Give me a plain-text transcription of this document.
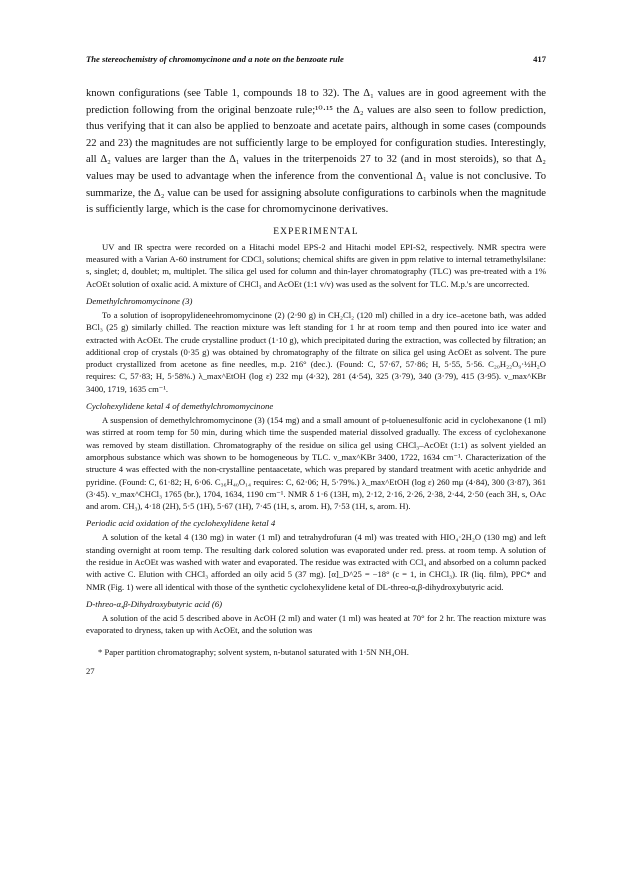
The stereochemistry of chromomycinone and a note on the benzoate rule	417

known configurations (see Table 1, compounds 18 to 32). The Δ₁ values are in good agreement with the prediction following from the original benzoate rule;¹⁰·¹⁵ the Δ₂ values are also seen to follow prediction, thus verifying that it can also be applied to benzoate and acetate pairs, although in some cases (compounds 22 and 23) the magnitudes are not sufficiently large to be employed for configuration studies. Interestingly, all Δ₂ values are larger than the Δ₁ values in the triterpenoids 27 to 32 (and in most steroids), so that Δ₂ values may be used to advantage when the inference from the conventional Δ₁ value is not conclusive. To summarize, the Δ₂ value can be used for assigning absolute configurations to carbinols when the magnitude is sufficiently large, which is the case for chromomycinone derivatives.

EXPERIMENTAL

UV and IR spectra were recorded on a Hitachi model EPS-2 and Hitachi model EPI-S2, respectively. NMR spectra were measured with a Varian A-60 instrument for CDCl₃ solutions; chemical shifts are given in ppm relative to internal tetramethylsilane: s, singlet; d, doublet; m, multiplet. The silica gel used for column and thin-layer chromatography (TLC) was pre-treated with a 1% AcOEt solution of oxalic acid. A mixture of CHCl₃ and AcOEt (1:1 v/v) was used as the solvent for TLC. M.p.'s are uncorrected.

Demethylchromomycinone (3)

To a solution of isopropylideneehromomycinone (2) (2·90 g) in CH₂Cl₂ (120 ml) chilled in a dry ice–acetone bath, was added BCl₃ (25 g) similarly chilled. The reaction mixture was left standing for 1 hr at room temp and then poured into ice water and extracted with AcOEt. The crude crystalline product (1·10 g), which precipitated during the extraction, was collected by filtration; an additional crop of crystals (0·35 g) was obtained by chromatography of the filtrate on silica gel using AcOEt as solvent. The pure product crystallized from acetone as fine needles, m.p. 216° (dec.). (Found: C, 57·67, 57·86; H, 5·55, 5·56. C₂₀H₂₂O₉·½H₂O requires: C, 57·83; H, 5·58%.) λ_max^EtOH (log ε) 232 mμ (4·32), 281 (4·54), 325 (3·79), 340 (3·79), 415 (3·95). ν_max^KBr 3400, 1719, 1635 cm⁻¹.

Cyclohexylidene ketal 4 of demethylchromomycinone

A suspension of demethylchromomycinone (3) (154 mg) and a small amount of p-toluenesulfonic acid in cyclohexanone (1 ml) was stirred at room temp for 50 min, during which time the suspended material dissolved gradually. The excess of cyclohexanone was removed by steam distillation. Chromatography of the residue on silica gel using CHCl₃–AcOEt (1:1) as solvent yielded an amorphous substance which was shown to be homogeneous by TLC. ν_max^KBr 3400, 1722, 1634 cm⁻¹. Characterization of the structure 4 was effected with the non-crystalline pentaacetate, which was prepared by standard treatment with acetic anhydride and pyridine. (Found: C, 61·82; H, 6·06. C₃₆H₄₀O₁₄ requires: C, 62·06; H, 5·79%.) λ_max^EtOH (log ε) 260 mμ (4·84), 300 (3·87), 361 (3·45). ν_max^CHCl₃ 1765 (br.), 1704, 1634, 1190 cm⁻¹. NMR δ 1·6 (13H, m), 2·12, 2·16, 2·26, 2·38, 2·44, 2·50 (each 3H, s, OAc and arom. CH₃), 4·18 (2H), 5·5 (1H), 5·67 (1H), 7·45 (1H, s, arom. H), 7·53 (1H, s, arom. H).

Periodic acid oxidation of the cyclohexylidene ketal 4

A solution of the ketal 4 (130 mg) in water (1 ml) and tetrahydrofuran (4 ml) was treated with HIO₄·2H₂O (130 mg) and left standing overnight at room temp. The resulting dark colored solution was evaporated under red. press. at room temp. A solution of the residue in AcOEt was washed with water and evaporated. The residue was extracted with CCl₄ and absorbed on a column packed with active C. Elution with CHCl₃ afforded an oily acid 5 (37 mg). [α]_D^25 = −18° (c = 1, in CHCl₃). IR (liq. film), PPC* and NMR (Fig. 1) were all identical with those of the synthetic cyclohexylidene ketal of DL-threo-α,β-dihydroxybutyric acid.

D-threo-α,β-Dihydroxybutyric acid (6)

A solution of the acid 5 described above in AcOH (2 ml) and water (1 ml) was heated at 70° for 2 hr. The reaction mixture was evaporated to dryness, taken up with AcOEt, and the solution was

* Paper partition chromatography; solvent system, n-butanol saturated with 1·5N NH₄OH.
27
